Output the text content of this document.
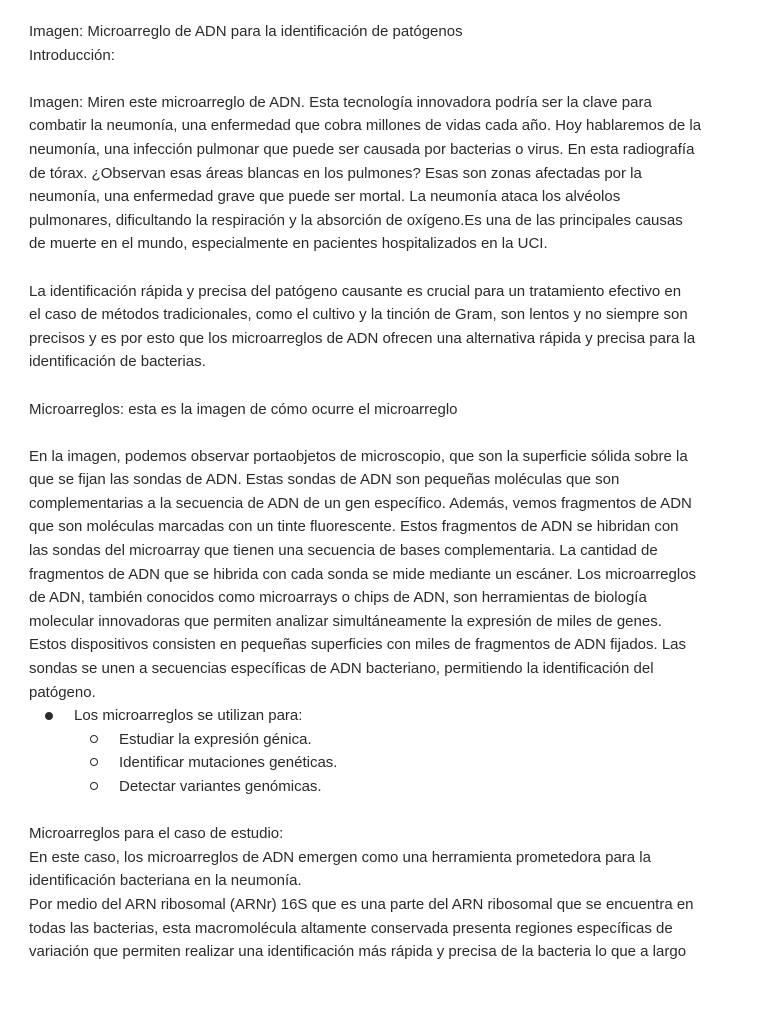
Imagen: Microarreglo de ADN para la identificación de patógenos
Introducción:

Imagen: Miren este microarreglo de ADN. Esta tecnología innovadora podría ser la clave para
combatir la neumonía, una enfermedad que cobra millones de vidas cada año. Hoy hablaremos de la
neumonía, una infección pulmonar que puede ser causada por bacterias o virus. En esta radiografía
de tórax. ¿Observan esas áreas blancas en los pulmones? Esas son zonas afectadas por la
neumonía, una enfermedad grave que puede ser mortal. La neumonía ataca los alvéolos
pulmonares, dificultando la respiración y la absorción de oxígeno.Es una de las principales causas
de muerte en el mundo, especialmente en pacientes hospitalizados en la UCI.

La identificación rápida y precisa del patógeno causante es crucial para un tratamiento efectivo en
el caso de métodos tradicionales, como el cultivo y la tinción de Gram, son lentos y no siempre son
precisos y es por esto que los microarreglos de ADN ofrecen una alternativa rápida y precisa para la
identificación de bacterias.

Microarreglos: esta es la imagen de cómo ocurre el microarreglo

En la imagen, podemos observar portaobjetos de microscopio, que son la superficie sólida sobre la
que se fijan las sondas de ADN. Estas sondas de ADN son pequeñas moléculas que son
complementarias a la secuencia de ADN de un gen específico. Además, vemos fragmentos de ADN
que son moléculas marcadas con un tinte fluorescente. Estos fragmentos de ADN se hibridan con
las sondas del microarray que tienen una secuencia de bases complementaria. La cantidad de
fragmentos de ADN que se hibrida con cada sonda se mide mediante un escáner. Los microarreglos
de ADN, también conocidos como microarrays o chips de ADN, son herramientas de biología
molecular innovadoras que permiten analizar simultáneamente la expresión de miles de genes.
Estos dispositivos consisten en pequeñas superficies con miles de fragmentos de ADN fijados. Las
sondas se unen a secuencias específicas de ADN bacteriano, permitiendo la identificación del
patógeno.

Los microarreglos se utilizan para:
Estudiar la expresión génica.
Identificar mutaciones genéticas.
Detectar variantes genómicas.
Microarreglos para el caso de estudio:

En este caso, los microarreglos de ADN emergen como una herramienta prometedora para la
identificación bacteriana en la neumonía.
Por medio del ARN ribosomal (ARNr) 16S que es una parte del ARN ribosomal que se encuentra en
todas las bacterias, esta macromolécula altamente conservada presenta regiones específicas de
variación que permiten realizar una identificación más rápida y precisa de la bacteria lo que a largo
